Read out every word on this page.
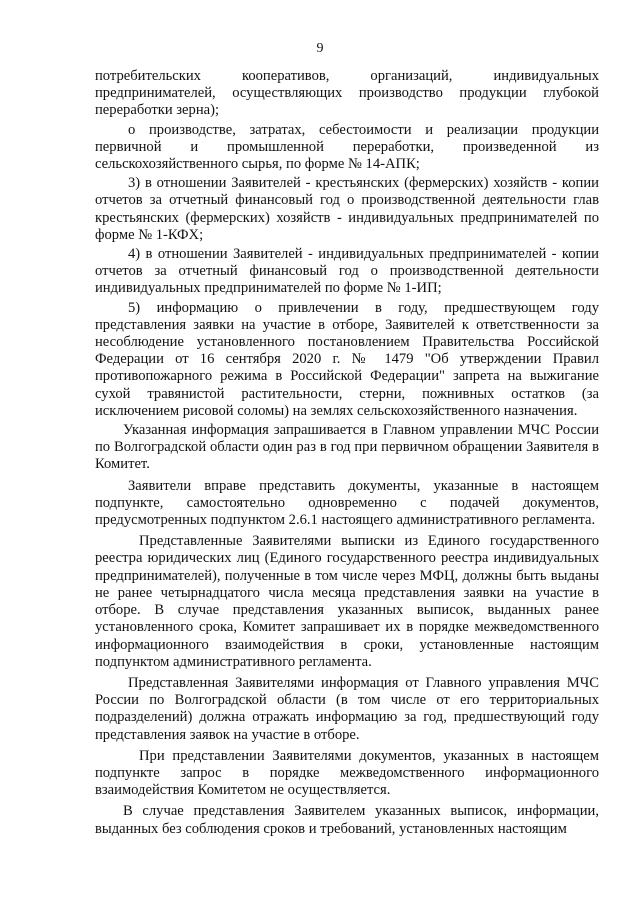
9

потребительских кооперативов, организаций, индивидуальных предпринимателей, осуществляющих производство продукции глубокой переработки зерна);

о производстве, затратах, себестоимости и реализации продукции первичной и промышленной переработки, произведенной из сельскохозяйственного сырья, по форме № 14-АПК;

3) в отношении Заявителей - крестьянских (фермерских) хозяйств - копии отчетов за отчетный финансовый год о производственной деятельности глав крестьянских (фермерских) хозяйств - индивидуальных предпринимателей по форме № 1-КФХ;

4) в отношении Заявителей - индивидуальных предпринимателей - копии отчетов за отчетный финансовый год о производственной деятельности индивидуальных предпринимателей по форме № 1-ИП;

5) информацию о привлечении в году, предшествующем году представления заявки на участие в отборе, Заявителей к ответственности за несоблюдение установленного постановлением Правительства Российской Федерации от 16 сентября 2020 г. № 1479 "Об утверждении Правил противопожарного режима в Российской Федерации" запрета на выжигание сухой травянистой растительности, стерни, пожнивных остатков (за исключением рисовой соломы) на землях сельскохозяйственного назначения.

Указанная информация запрашивается в Главном управлении МЧС России по Волгоградской области один раз в год при первичном обращении Заявителя в Комитет.

Заявители вправе представить документы, указанные в настоящем подпункте, самостоятельно одновременно с подачей документов, предусмотренных подпунктом 2.6.1 настоящего административного регламента.

Представленные Заявителями выписки из Единого государственного реестра юридических лиц (Единого государственного реестра индивидуальных предпринимателей), полученные в том числе через МФЦ, должны быть выданы не ранее четырнадцатого числа месяца представления заявки на участие в отборе. В случае представления указанных выписок, выданных ранее установленного срока, Комитет запрашивает их в порядке межведомственного информационного взаимодействия в сроки, установленные настоящим подпунктом административного регламента.

Представленная Заявителями информация от Главного управления МЧС России по Волгоградской области (в том числе от его территориальных подразделений) должна отражать информацию за год, предшествующий году представления заявок на участие в отборе.

При представлении Заявителями документов, указанных в настоящем подпункте запрос в порядке межведомственного информационного взаимодействия Комитетом не осуществляется.

В случае представления Заявителем указанных выписок, информации, выданных без соблюдения сроков и требований, установленных настоящим
